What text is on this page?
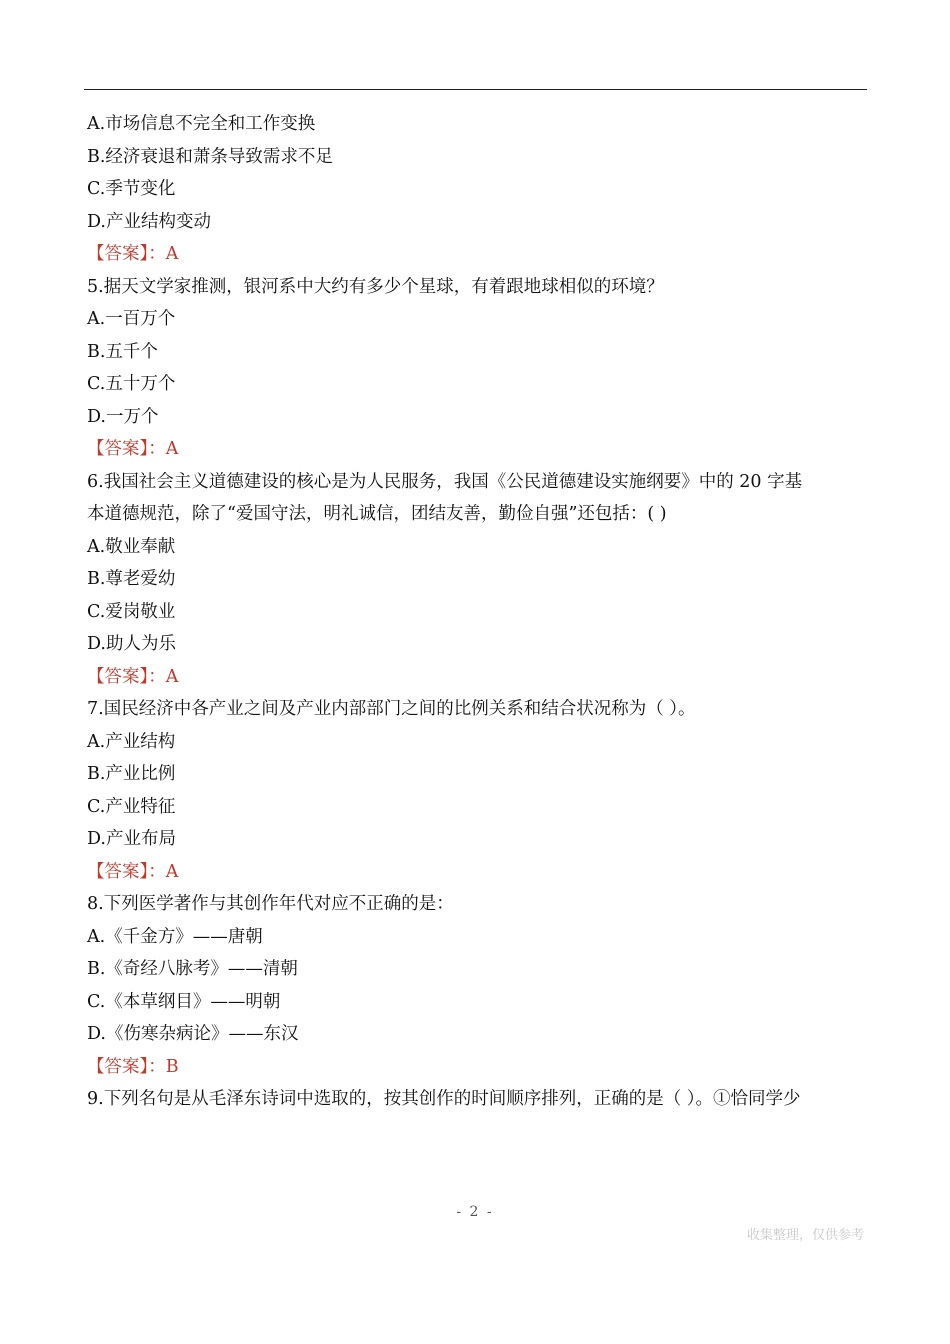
A.市场信息不完全和工作变换
B.经济衰退和萧条导致需求不足
C.季节变化
D.产业结构变动
【答案】：A
5.据天文学家推测，银河系中大约有多少个星球，有着跟地球相似的环境？
A.一百万个
B.五千个
C.五十万个
D.一万个
【答案】：A
6.我国社会主义道德建设的核心是为人民服务，我国《公民道德建设实施纲要》中的 20 字基
本道德规范，除了“爱国守法，明礼诚信，团结友善，勤俭自强”还包括：( )
A.敬业奉献
B.尊老爱幼
C.爱岗敬业
D.助人为乐
【答案】：A
7.国民经济中各产业之间及产业内部部门之间的比例关系和结合状况称为（ ）。
A.产业结构
B.产业比例
C.产业特征
D.产业布局
【答案】：A
8.下列医学著作与其创作年代对应不正确的是：
A.《千金方》——唐朝
B.《奇经八脉考》——清朝
C.《本草纲目》——明朝
D.《伤寒杂病论》——东汉
【答案】：B
9.下列名句是从毛泽东诗词中选取的，按其创作的时间顺序排列，正确的是（ ）。①恰同学少
- 2 -
收集整理，仅供参考
